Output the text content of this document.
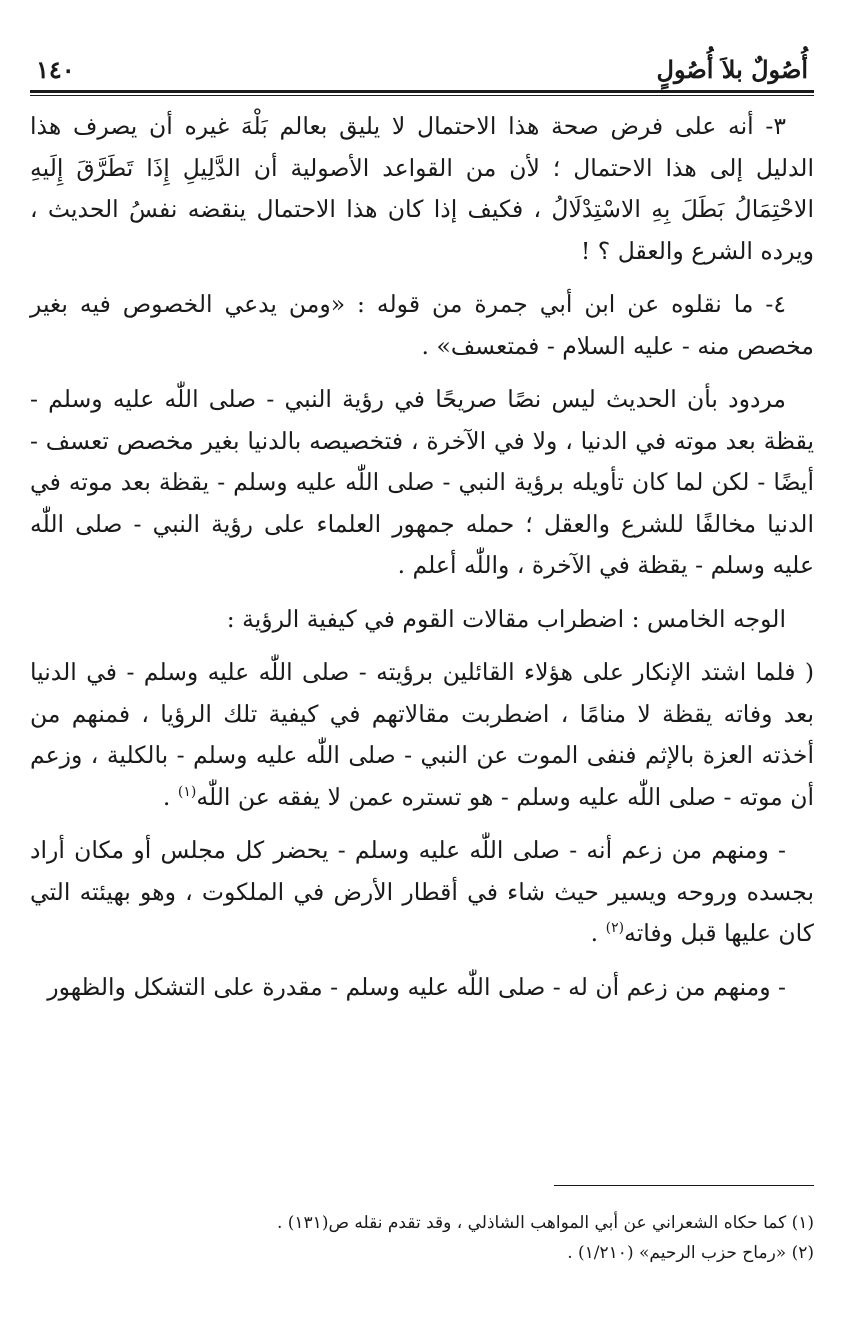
أُصُولٌ بلاَ أُصُولٍ
١٤٠

٣- أنه على فرض صحة هذا الاحتمال لا يليق بعالم بَلْهَ غيره أن يصرف هذا الدليل إلى هذا الاحتمال ؛ لأن من القواعد الأصولية أن الدَّلِيلِ إِذَا تَطَرَّقَ إِلَيهِ الاحْتِمَالُ بَطَلَ بِهِ الاسْتِدْلَالُ ، فكيف إذا كان هذا الاحتمال ينقضه نفسُ الحديث ، ويرده الشرع والعقل ؟ !

٤- ما نقلوه عن ابن أبي جمرة من قوله : «ومن يدعي الخصوص فيه بغير مخصص منه - عليه السلام - فمتعسف» .

مردود بأن الحديث ليس نصًا صريحًا في رؤية النبي - صلى اللّٰه عليه وسلم - يقظة بعد موته في الدنيا ، ولا في الآخرة ، فتخصيصه بالدنيا بغير مخصص تعسف - أيضًا - لكن لما كان تأويله برؤية النبي - صلى اللّٰه عليه وسلم - يقظة بعد موته في الدنيا مخالفًا للشرع والعقل ؛ حمله جمهور العلماء على رؤية النبي - صلى اللّٰه عليه وسلم - يقظة في الآخرة ، واللّٰه أعلم .

الوجه الخامس : اضطراب مقالات القوم في كيفية الرؤية :

( فلما اشتد الإنكار على هؤلاء القائلين برؤيته - صلى اللّٰه عليه وسلم - في الدنيا بعد وفاته يقظة لا منامًا ، اضطربت مقالاتهم في كيفية تلك الرؤيا ، فمنهم من أخذته العزة بالإثم فنفى الموت عن النبي - صلى اللّٰه عليه وسلم - بالكلية ، وزعم أن موته - صلى اللّٰه عليه وسلم - هو تستره عمن لا يفقه عن اللّٰه$^{(١)}$ .

- ومنهم من زعم أنه - صلى اللّٰه عليه وسلم - يحضر كل مجلس أو مكان أراد بجسده وروحه ويسير حيث شاء في أقطار الأرض في الملكوت ، وهو بهيئته التي كان عليها قبل وفاته$^{(٢)}$ .

- ومنهم من زعم أن له - صلى اللّٰه عليه وسلم - مقدرة على التشكل والظهور

(١) كما حكاه الشعراني عن أبي المواهب الشاذلي ، وقد تقدم نقله ص(١٣١) .
(٢) «رماح حزب الرحيم» (١/٢١٠) .
